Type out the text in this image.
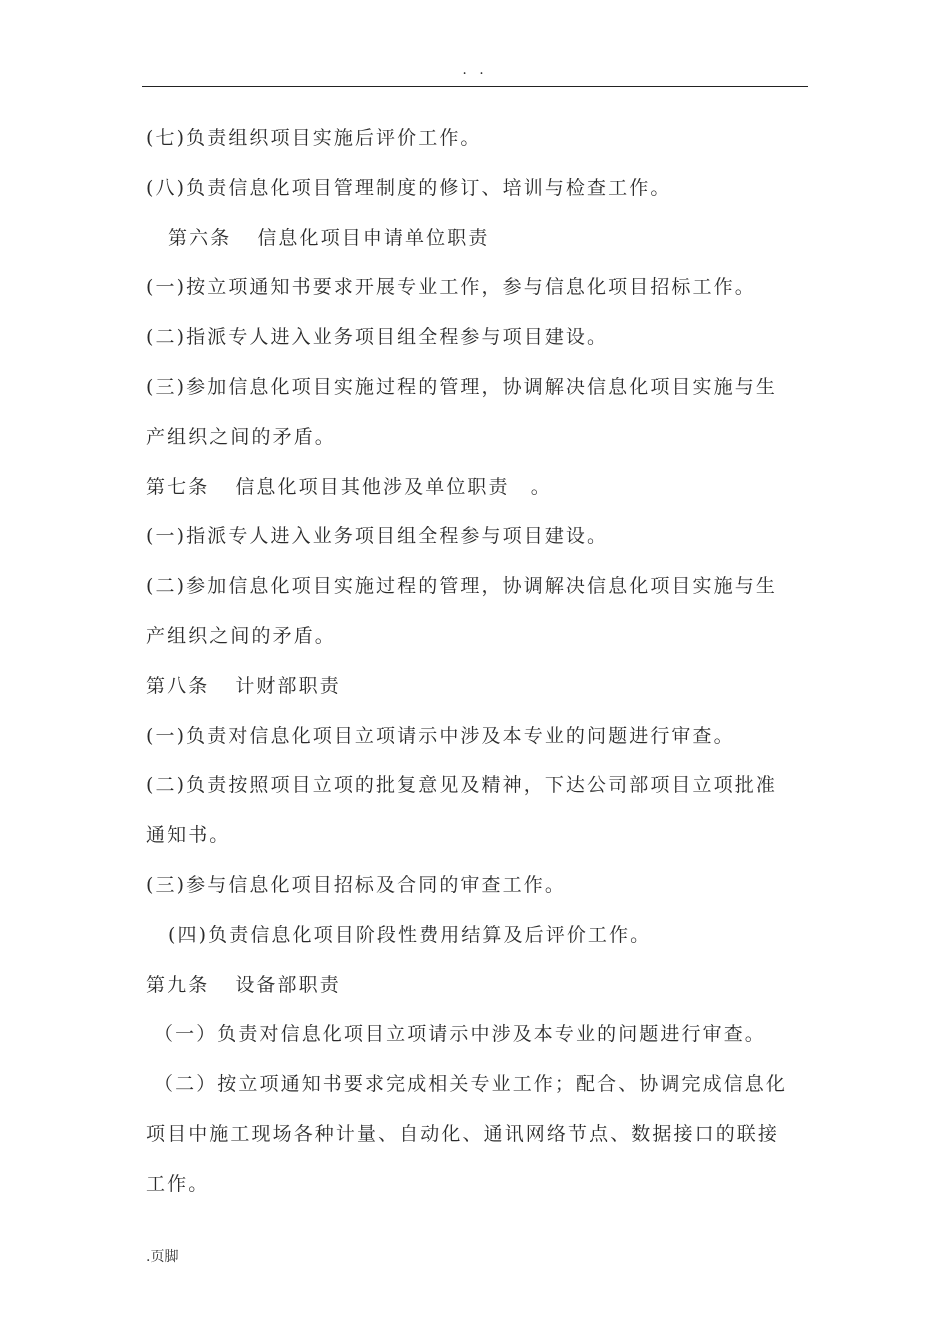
. .
(七)负责组织项目实施后评价工作。
(八)负责信息化项目管理制度的修订、培训与检查工作。
第六条 信息化项目申请单位职责
(一)按立项通知书要求开展专业工作，参与信息化项目招标工作。
(二)指派专人进入业务项目组全程参与项目建设。
(三)参加信息化项目实施过程的管理，协调解决信息化项目实施与生
产组织之间的矛盾。
第七条 信息化项目其他涉及单位职责　。
(一)指派专人进入业务项目组全程参与项目建设。
(二)参加信息化项目实施过程的管理，协调解决信息化项目实施与生
产组织之间的矛盾。
第八条 计财部职责
(一)负责对信息化项目立项请示中涉及本专业的问题进行审查。
(二)负责按照项目立项的批复意见及精神，下达公司部项目立项批准
通知书。
(三)参与信息化项目招标及合同的审查工作。
(四)负责信息化项目阶段性费用结算及后评价工作。
第九条 设备部职责
（一）负责对信息化项目立项请示中涉及本专业的问题进行审查。
（二）按立项通知书要求完成相关专业工作；配合、协调完成信息化
项目中施工现场各种计量、自动化、通讯网络节点、数据接口的联接
工作。
.页脚
